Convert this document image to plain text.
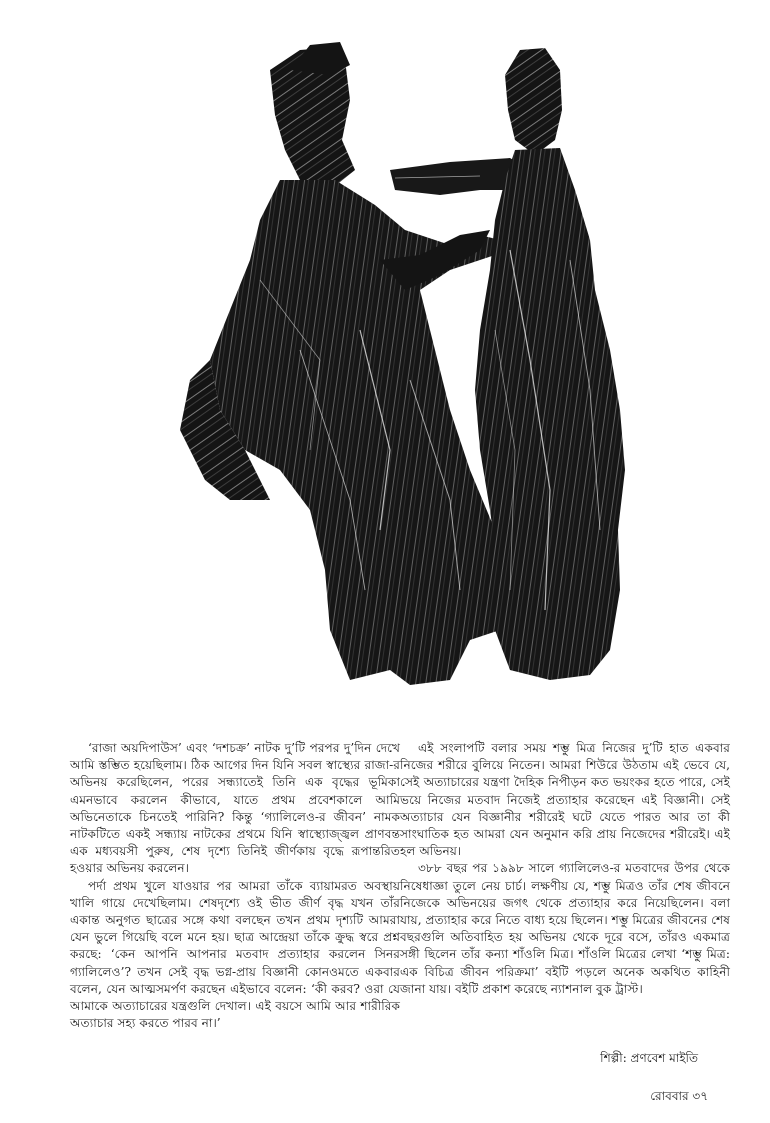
‘রাজা অয়দিপাউস’ এবং ‘দশচক্র’ নাটক দু’টি পরপর দু’দিন দেখে আমি স্তম্ভিত হয়েছিলাম। ঠিক আগের দিন যিনি সবল স্বাস্থ্যের রাজা-র অভিনয় করেছিলেন, পরের সন্ধ্যাতেই তিনি এক বৃদ্ধের ভূমিকা এমনভাবে করলেন কীভাবে, যাতে প্রথম প্রবেশকালে আমি অভিনেতাকে চিনতেই পারিনি? কিন্তু ‘গ্যালিলেও-র জীবন’ নামক নাটকটিতে একই সন্ধ্যায় নাটকের প্রথমে যিনি স্বাস্থ্যোজ্জ্বল প্রাণবন্ত এক মধ্যবয়সী পুরুষ, শেষ দৃশ্যে তিনিই জীর্ণকায় বৃদ্ধে রূপান্তরিত হওয়ার অভিনয় করলেন।

পর্দা প্রথম খুলে যাওয়ার পর আমরা তাঁকে ব্যায়ামরত অবস্থায় খালি গায়ে দেখেছিলাম। শেষদৃশ্যে ওই ভীত জীর্ণ বৃদ্ধ যখন তাঁর একান্ত অনুগত ছাত্রের সঙ্গে কথা বলছেন তখন প্রথম দৃশ্যটি আমরা যেন ভুলে গিয়েছি বলে মনে হয়। ছাত্র আন্দ্রেয়া তাঁকে ক্রুদ্ধ স্বরে প্রশ্ন করছে: ‘কেন আপনি আপনার মতবাদ প্রত্যাহার করলেন সিনর গ্যালিলেও’? তখন সেই বৃদ্ধ ভগ্ন-প্রায় বিজ্ঞানী কোনওমতে একবার বলেন, যেন আত্মসমর্পণ করছেন এইভাবে বলেন: ‘কী করব? ওরা যে আমাকে অত্যাচারের যন্ত্রগুলি দেখাল। এই বয়সে আমি আর শারীরিক অত্যাচার সহ্য করতে পারব না।’

এই সংলাপটি বলার সময় শম্ভু মিত্র নিজের দু’টি হাত একবার নিজের শরীরে বুলিয়ে নিতেন। আমরা শিউরে উঠতাম এই ভেবে যে, সেই অত্যাচারের যন্ত্রণা দৈহিক নিপীড়ন কত ভয়ংকর হতে পারে, সেই ভয়ে নিজের মতবাদ নিজেই প্রত্যাহার করেছেন এই বিজ্ঞানী। সেই অত্যাচার যেন বিজ্ঞানীর শরীরেই ঘটে যেতে পারত আর তা কী সাংঘাতিক হত আমরা যেন অনুমান করি প্রায় নিজেদের শরীরেই। এই হল অভিনয়।

৩৮৮ বছর পর ১৯৯৮ সালে গ্যালিলেও-র মতবাদের উপর থেকে নিষেধাজ্ঞা তুলে নেয় চার্চ। লক্ষণীয় যে, শম্ভু মিত্রও তাঁর শেষ জীবনে নিজেকে অভিনয়ের জগৎ থেকে প্রত্যাহার করে নিয়েছিলেন। বলা যায়, প্রত্যাহার করে নিতে বাধ্য হয়ে ছিলেন। শম্ভু মিত্রের জীবনের শেষ বছরগুলি অতিবাহিত হয় অভিনয় থেকে দূরে বসে, তাঁরও একমাত্র সঙ্গী ছিলেন তাঁর কন্যা শাঁওলি মিত্র। শাঁওলি মিত্রের লেখা ‘শম্ভু মিত্র: এক বিচিত্র জীবন পরিক্রমা’ বইটি পড়লে অনেক অকথিত কাহিনী জানা যায়। বইটি প্রকাশ করেছে ন্যাশনাল বুক ট্রাস্ট।

শিল্পী: প্রণবেশ মাইতি
রোববার ৩৭
